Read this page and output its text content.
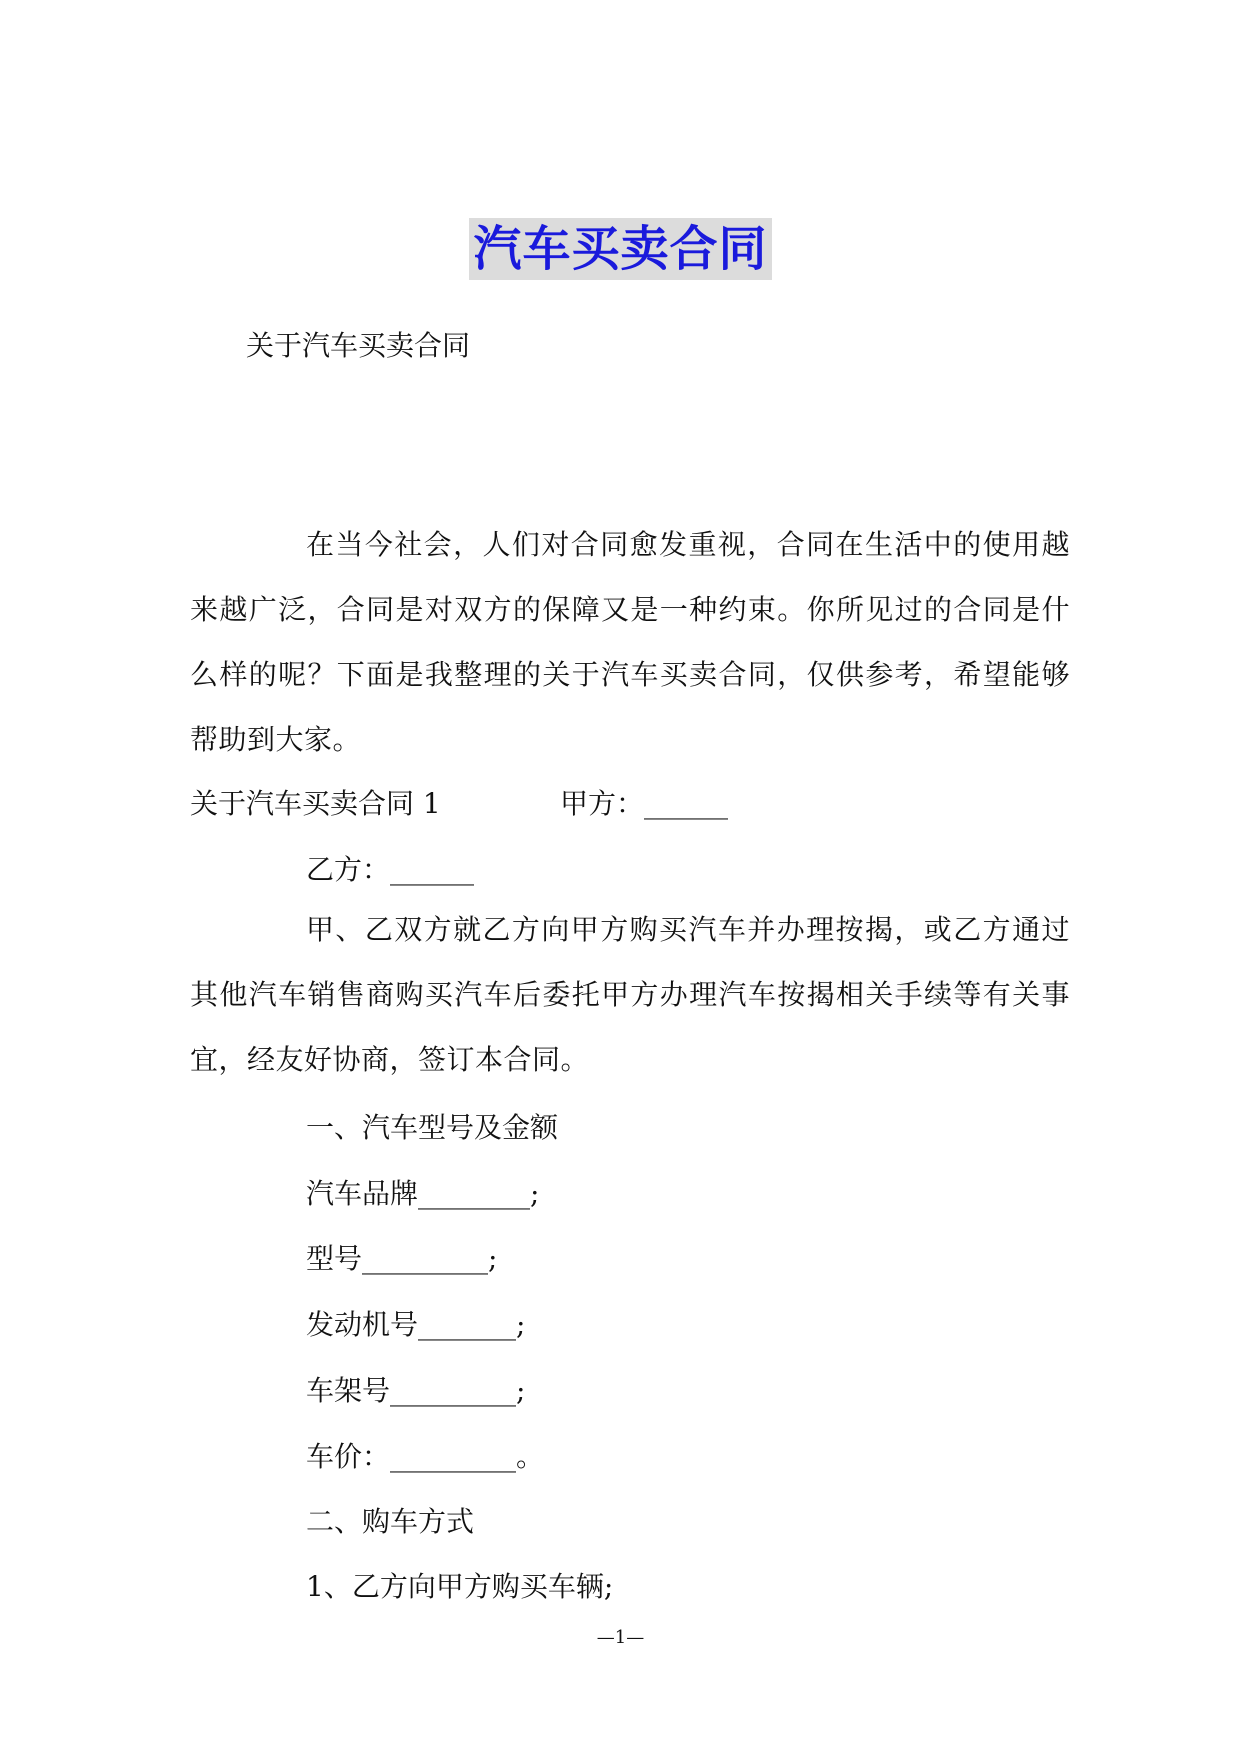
汽车买卖合同
关于汽车买卖合同
在当今社会，人们对合同愈发重视，合同在生活中的使用越来越广泛，合同是对双方的保障又是一种约束。你所见过的合同是什么样的呢？下面是我整理的关于汽车买卖合同，仅供参考，希望能够帮助到大家。
关于汽车买卖合同 1	甲方：______
乙方：______
甲、乙双方就乙方向甲方购买汽车并办理按揭，或乙方通过其他汽车销售商购买汽车后委托甲方办理汽车按揭相关手续等有关事宜，经友好协商，签订本合同。
一、汽车型号及金额
汽车品牌________;
型号_________;
发动机号_______;
车架号_________;
车价：_________。
二、购车方式
1、乙方向甲方购买车辆;
—1—
